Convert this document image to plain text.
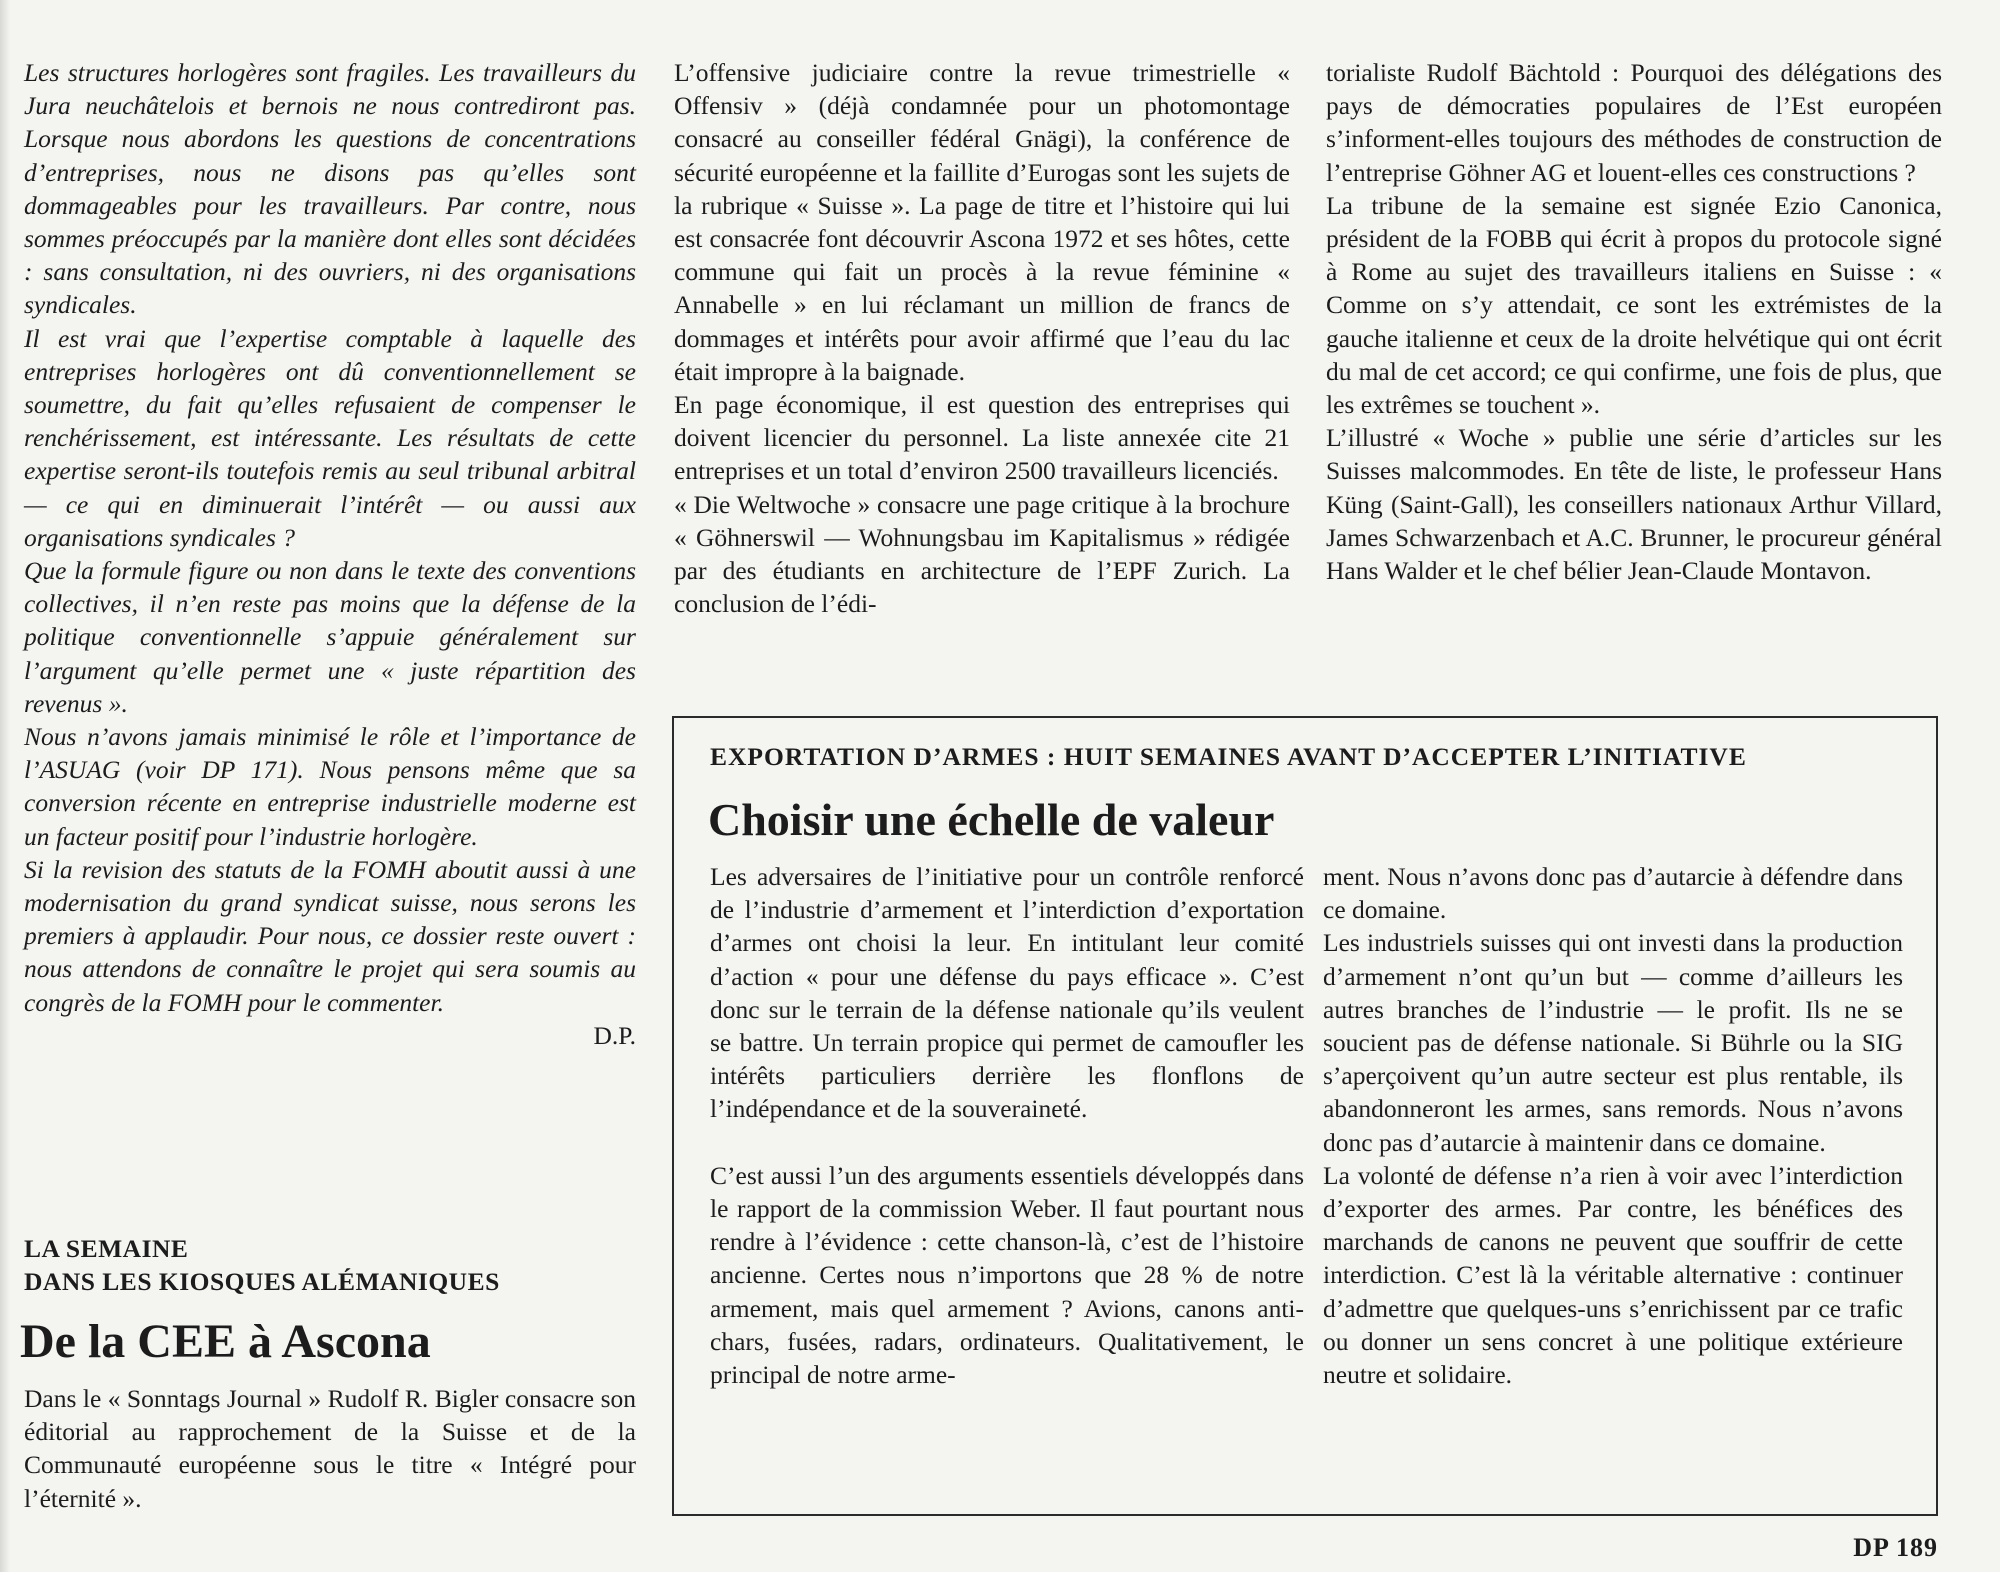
Les structures horlogères sont fragiles. Les travailleurs du Jura neuchâtelois et bernois ne nous contrediront pas. Lorsque nous abordons les questions de concentrations d’entreprises, nous ne disons pas qu’elles sont dommageables pour les travailleurs. Par contre, nous sommes préoccupés par la manière dont elles sont décidées : sans consultation, ni des ouvriers, ni des organisations syndicales.

Il est vrai que l’expertise comptable à laquelle des entreprises horlogères ont dû conventionnellement se soumettre, du fait qu’elles refusaient de compenser le renchérissement, est intéressante. Les résultats de cette expertise seront-ils toutefois remis au seul tribunal arbitral — ce qui en diminuerait l’intérêt — ou aussi aux organisations syndicales ?

Que la formule figure ou non dans le texte des conventions collectives, il n’en reste pas moins que la défense de la politique conventionnelle s’appuie généralement sur l’argument qu’elle permet une « juste répartition des revenus ».

Nous n’avons jamais minimisé le rôle et l’importance de l’ASUAG (voir DP 171). Nous pensons même que sa conversion récente en entreprise industrielle moderne est un facteur positif pour l’industrie horlogère.

Si la revision des statuts de la FOMH aboutit aussi à une modernisation du grand syndicat suisse, nous serons les premiers à applaudir. Pour nous, ce dossier reste ouvert : nous attendons de connaître le projet qui sera soumis au congrès de la FOMH pour le commenter.

D.P.

LA SEMAINE
DANS LES KIOSQUES ALÉMANIQUES
De la CEE à Ascona

Dans le « Sonntags Journal » Rudolf R. Bigler consacre son éditorial au rapprochement de la Suisse et de la Communauté européenne sous le titre « Intégré pour l’éternité ».

L’offensive judiciaire contre la revue trimestrielle « Offensiv » (déjà condamnée pour un photomontage consacré au conseiller fédéral Gnägi), la conférence de sécurité européenne et la faillite d’Eurogas sont les sujets de la rubrique « Suisse ». La page de titre et l’histoire qui lui est consacrée font découvrir Ascona 1972 et ses hôtes, cette commune qui fait un procès à la revue féminine « Annabelle » en lui réclamant un million de francs de dommages et intérêts pour avoir affirmé que l’eau du lac était impropre à la baignade.

En page économique, il est question des entreprises qui doivent licencier du personnel. La liste annexée cite 21 entreprises et un total d’environ 2500 travailleurs licenciés.

« Die Weltwoche » consacre une page critique à la brochure « Göhnerswil — Wohnungsbau im Kapitalismus » rédigée par des étudiants en architecture de l’EPF Zurich. La conclusion de l’édi-

torialiste Rudolf Bächtold : Pourquoi des délégations des pays de démocraties populaires de l’Est européen s’informent-elles toujours des méthodes de construction de l’entreprise Göhner AG et louent-elles ces constructions ?

La tribune de la semaine est signée Ezio Canonica, président de la FOBB qui écrit à propos du protocole signé à Rome au sujet des travailleurs italiens en Suisse : « Comme on s’y attendait, ce sont les extrémistes de la gauche italienne et ceux de la droite helvétique qui ont écrit du mal de cet accord; ce qui confirme, une fois de plus, que les extrêmes se touchent ».

L’illustré « Woche » publie une série d’articles sur les Suisses malcommodes. En tête de liste, le professeur Hans Küng (Saint-Gall), les conseillers nationaux Arthur Villard, James Schwarzenbach et A.C. Brunner, le procureur général Hans Walder et le chef bélier Jean-Claude Montavon.

EXPORTATION D’ARMES : HUIT SEMAINES AVANT D’ACCEPTER L’INITIATIVE
Choisir une échelle de valeur

Les adversaires de l’initiative pour un contrôle renforcé de l’industrie d’armement et l’interdiction d’exportation d’armes ont choisi la leur. En intitulant leur comité d’action « pour une défense du pays efficace ». C’est donc sur le terrain de la défense nationale qu’ils veulent se battre. Un terrain propice qui permet de camoufler les intérêts particuliers derrière les flonflons de l’indépendance et de la souveraineté.

C’est aussi l’un des arguments essentiels développés dans le rapport de la commission Weber. Il faut pourtant nous rendre à l’évidence : cette chanson-là, c’est de l’histoire ancienne. Certes nous n’importons que 28 % de notre armement, mais quel armement ? Avions, canons anti-chars, fusées, radars, ordinateurs. Qualitativement, le principal de notre arme-

ment. Nous n’avons donc pas d’autarcie à défendre dans ce domaine.

Les industriels suisses qui ont investi dans la production d’armement n’ont qu’un but — comme d’ailleurs les autres branches de l’industrie — le profit. Ils ne se soucient pas de défense nationale. Si Bührle ou la SIG s’aperçoivent qu’un autre secteur est plus rentable, ils abandonneront les armes, sans remords. Nous n’avons donc pas d’autarcie à maintenir dans ce domaine.

La volonté de défense n’a rien à voir avec l’interdiction d’exporter des armes. Par contre, les bénéfices des marchands de canons ne peuvent que souffrir de cette interdiction. C’est là la véritable alternative : continuer d’admettre que quelques-uns s’enrichissent par ce trafic ou donner un sens concret à une politique extérieure neutre et solidaire.

DP 189
